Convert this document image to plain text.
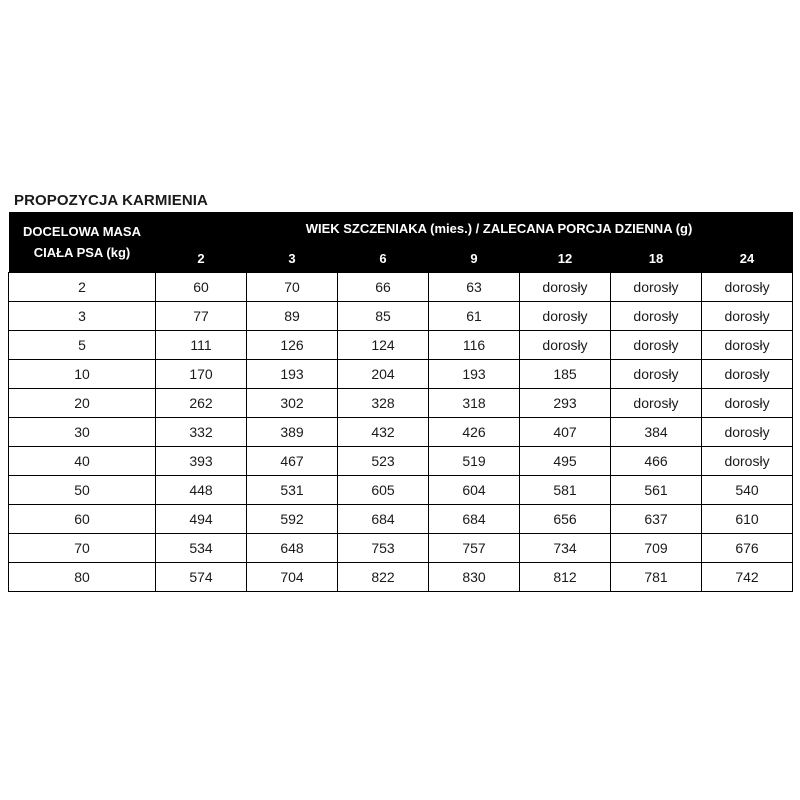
PROPOZYCJA KARMIENIA
DOCELOWA MASA
CIAŁA PSA (kg)	WIEK SZCZENIAKA (mies.) / ZALECANA PORCJA DZIENNA (g)						
	2	3	6	9	12	18	24
2	60	70	66	63	dorosły	dorosły	dorosły
3	77	89	85	61	dorosły	dorosły	dorosły
5	111	126	124	116	dorosły	dorosły	dorosły
10	170	193	204	193	185	dorosły	dorosły
20	262	302	328	318	293	dorosły	dorosły
30	332	389	432	426	407	384	dorosły
40	393	467	523	519	495	466	dorosły
50	448	531	605	604	581	561	540
60	494	592	684	684	656	637	610
70	534	648	753	757	734	709	676
80	574	704	822	830	812	781	742
